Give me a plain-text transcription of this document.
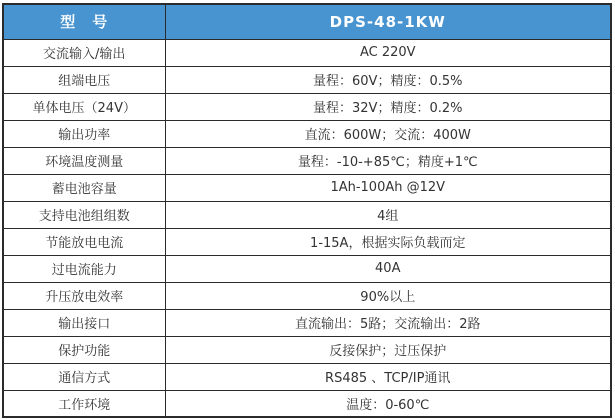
型　号	DPS-48-1KW
交流输入/输出	AC 220V
组端电压	量程：60V；精度：0.5%
单体电压（24V）	量程：32V；精度：0.2%
输出功率	直流：600W；交流：400W
环境温度测量	量程：-10-+85℃；精度+1℃
蓄电池容量	1Ah-100Ah @12V
支持电池组组数	4组
节能放电电流	1-15A，根据实际负载而定
过电流能力	40A
升压放电效率	90%以上
输出接口	直流输出：5路；交流输出：2路
保护功能	反接保护；过压保护
通信方式	RS485 、TCP/IP通讯
工作环境	温度：0-60℃
